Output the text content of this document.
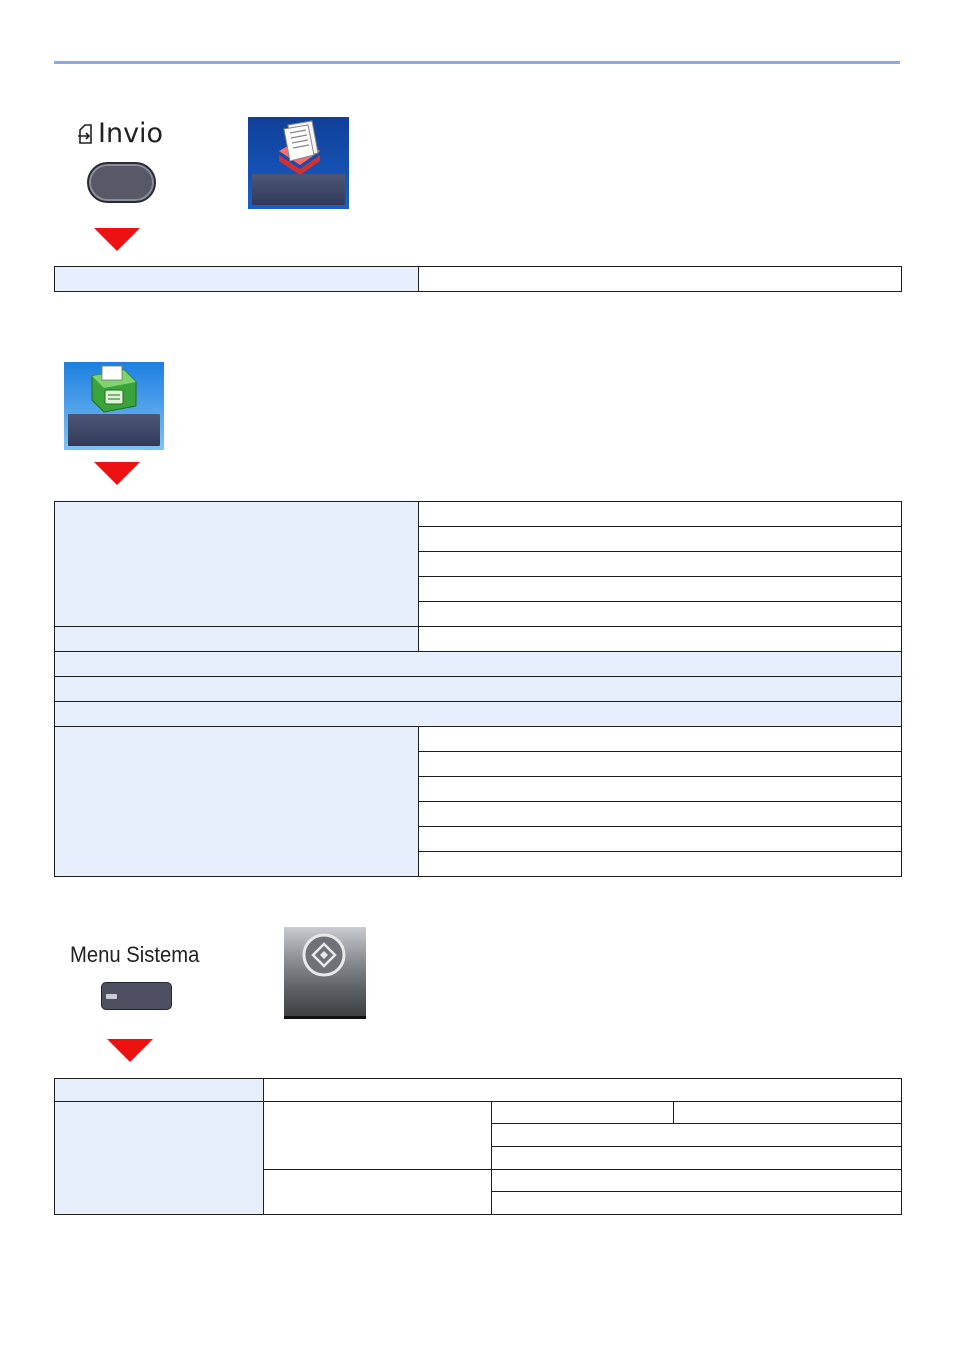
Invio

Menu Sistema
